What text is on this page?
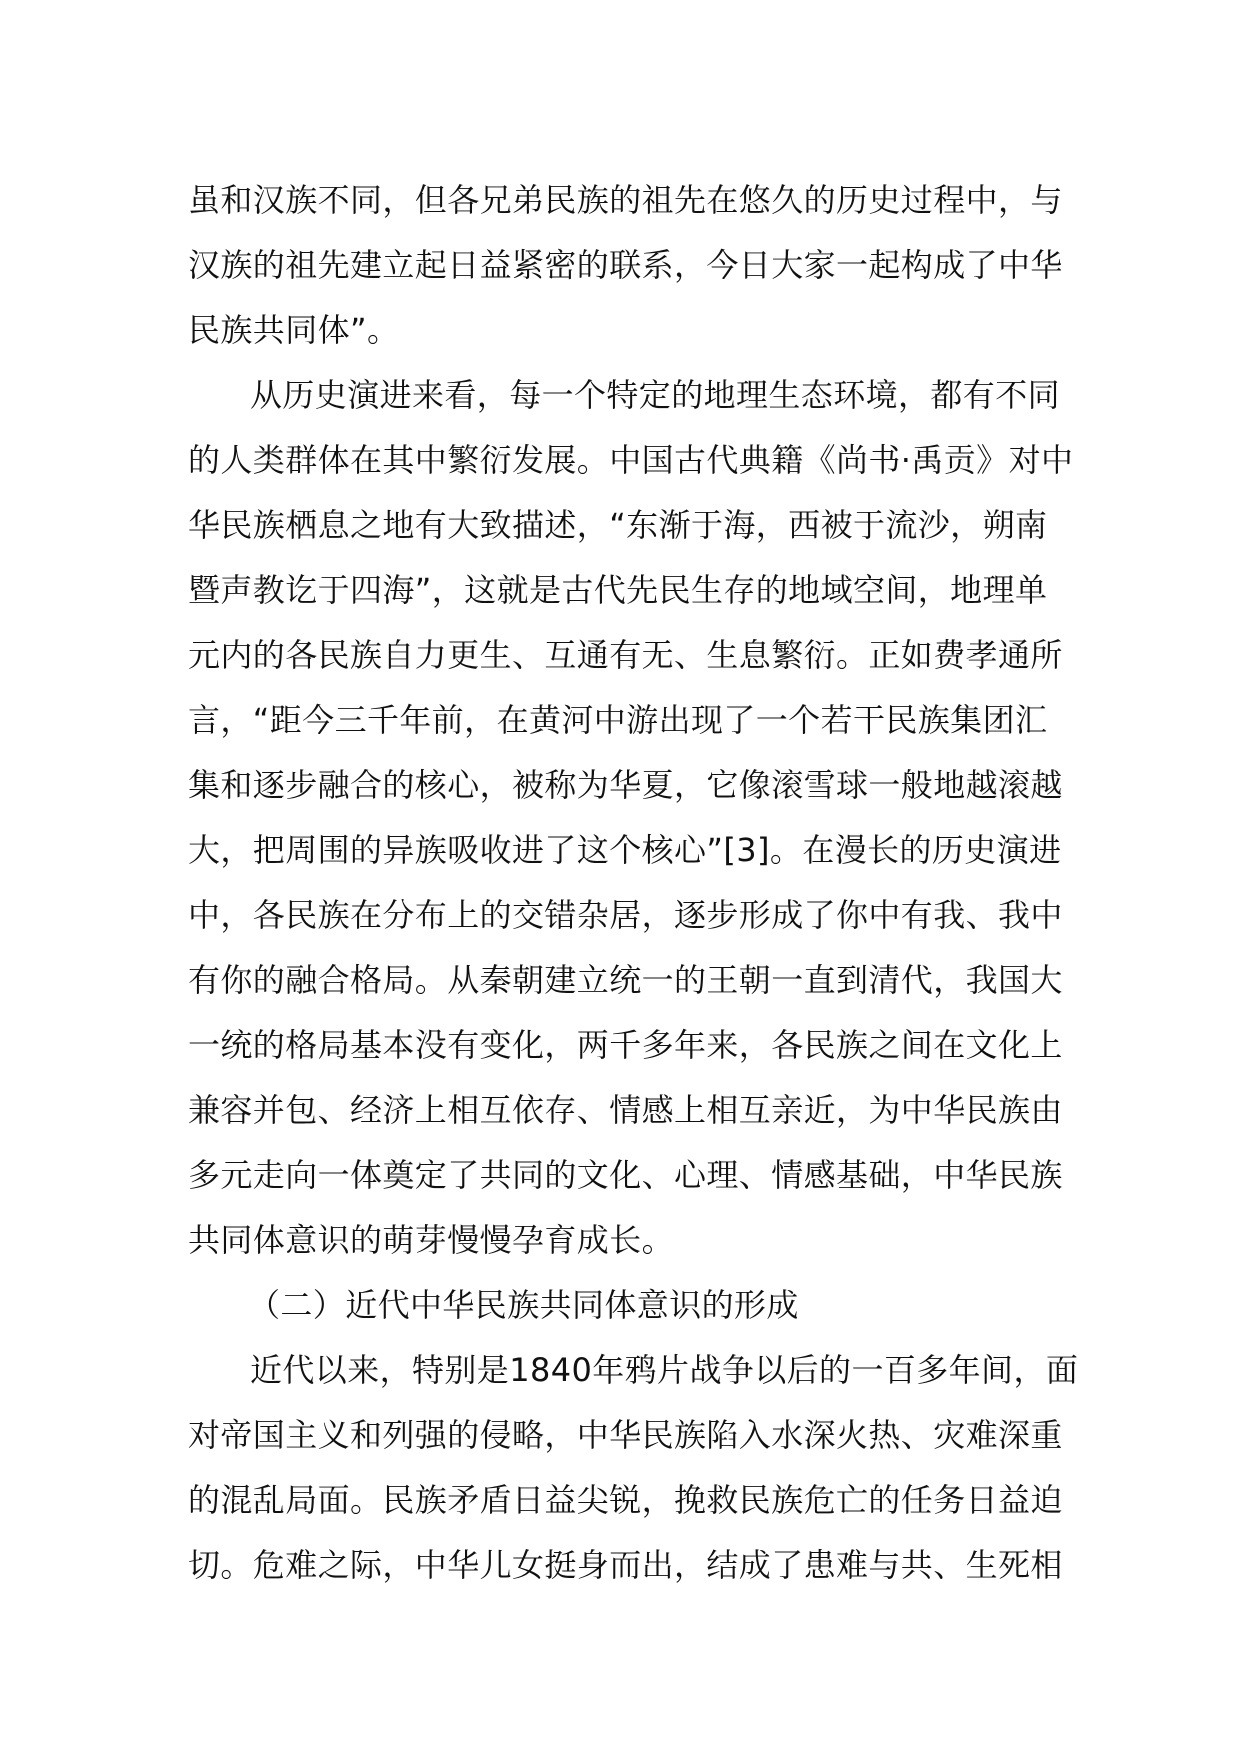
虽和汉族不同，但各兄弟民族的祖先在悠久的历史过程中，与
汉族的祖先建立起日益紧密的联系，今日大家一起构成了中华
民族共同体”。
从历史演进来看，每一个特定的地理生态环境，都有不同
的人类群体在其中繁衍发展。中国古代典籍《尚书·禹贡》对中
华民族栖息之地有大致描述，“东渐于海，西被于流沙，朔南
暨声教讫于四海”，这就是古代先民生存的地域空间，地理单
元内的各民族自力更生、互通有无、生息繁衍。正如费孝通所
言，“距今三千年前，在黄河中游出现了一个若干民族集团汇
集和逐步融合的核心，被称为华夏，它像滚雪球一般地越滚越
大，把周围的异族吸收进了这个核心”[3]。在漫长的历史演进
中，各民族在分布上的交错杂居，逐步形成了你中有我、我中
有你的融合格局。从秦朝建立统一的王朝一直到清代，我国大
一统的格局基本没有变化，两千多年来，各民族之间在文化上
兼容并包、经济上相互依存、情感上相互亲近，为中华民族由
多元走向一体奠定了共同的文化、心理、情感基础，中华民族
共同体意识的萌芽慢慢孕育成长。
（二）近代中华民族共同体意识的形成
近代以来，特别是1840年鸦片战争以后的一百多年间，面
对帝国主义和列强的侵略，中华民族陷入水深火热、灾难深重
的混乱局面。民族矛盾日益尖锐，挽救民族危亡的任务日益迫
切。危难之际，中华儿女挺身而出，结成了患难与共、生死相
